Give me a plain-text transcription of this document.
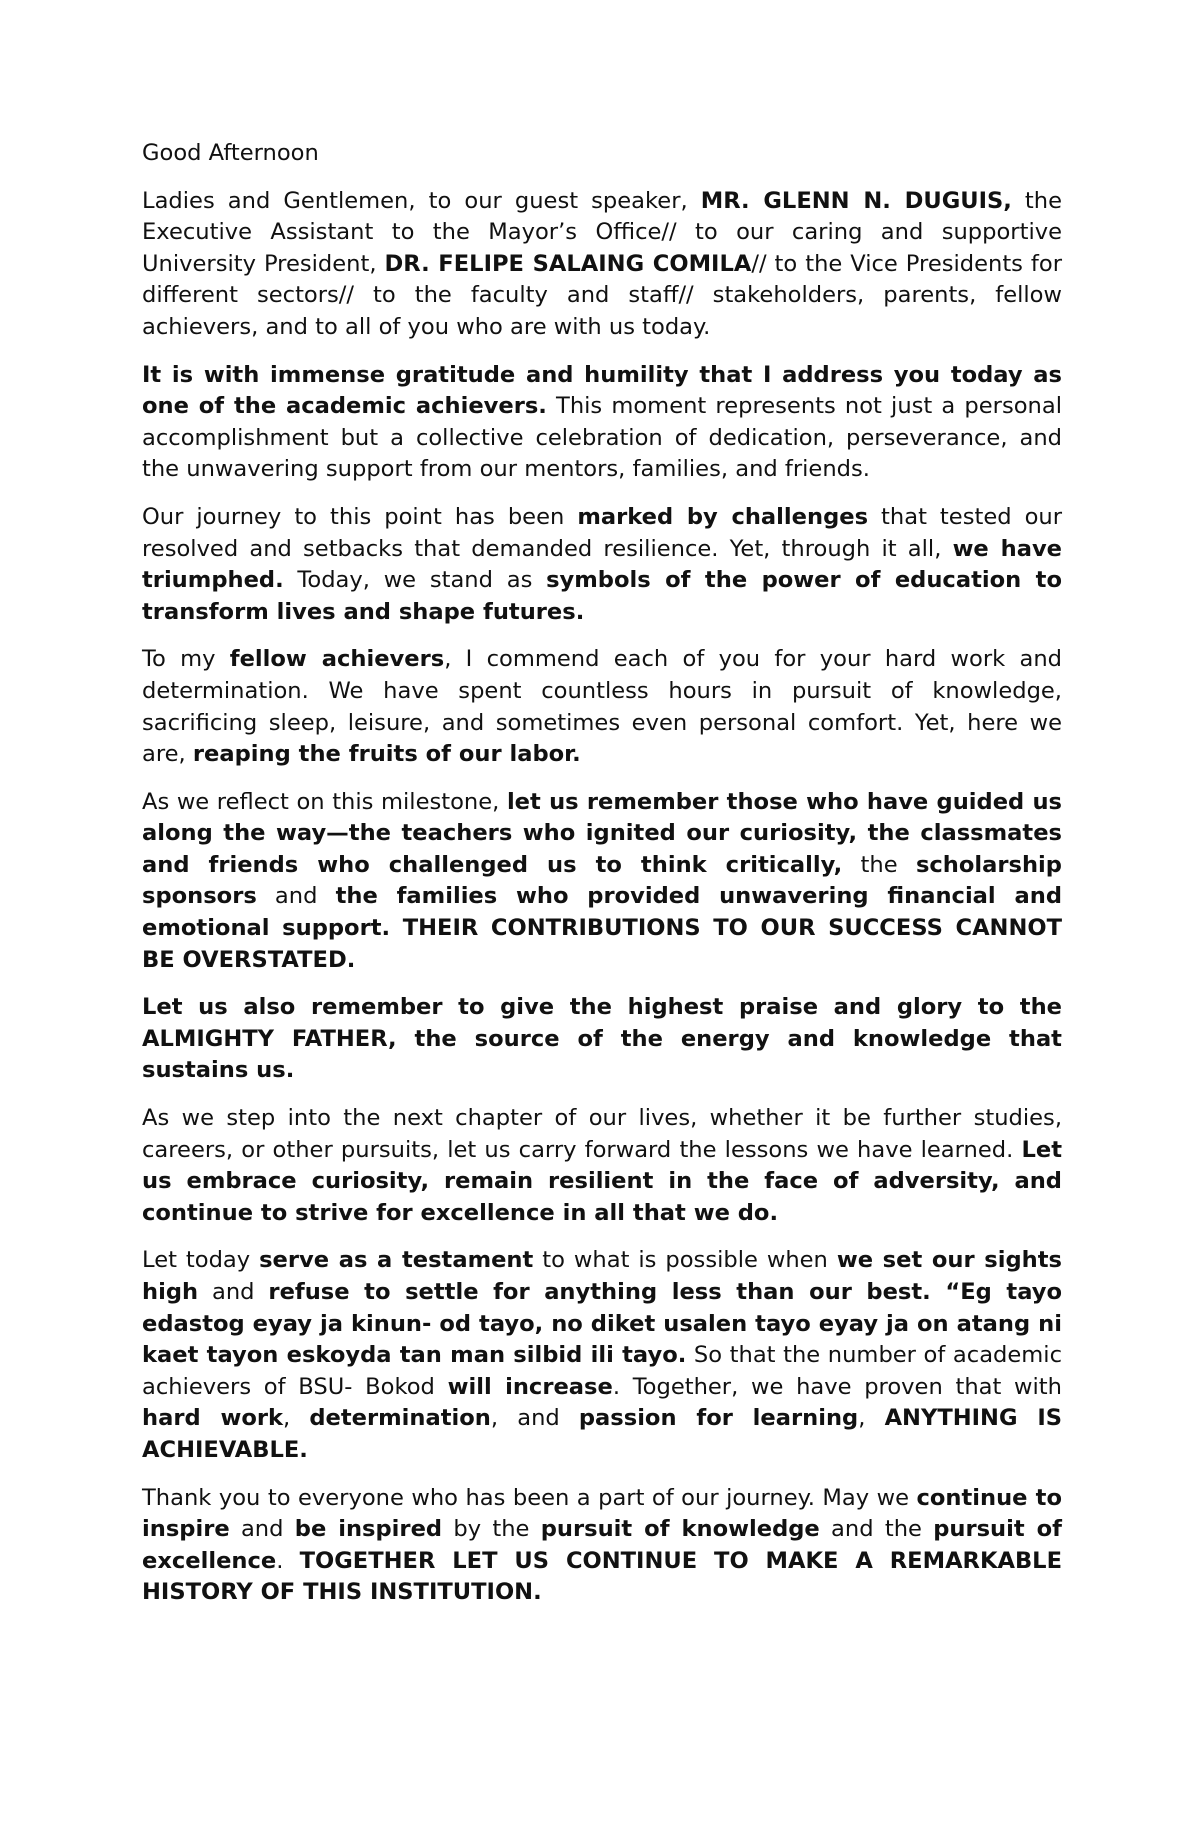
Good Afternoon

Ladies and Gentlemen, to our guest speaker, MR. GLENN N. DUGUIS, the Executive Assistant to the Mayor’s Office// to our caring and supportive University President, DR. FELIPE SALAING COMILA// to the Vice Presidents for different sectors// to the faculty and staff// stakeholders, parents, fellow achievers, and to all of you who are with us today.

It is with immense gratitude and humility that I address you today as one of the academic achievers. This moment represents not just a personal accomplishment but a collective celebration of dedication, perseverance, and the unwavering support from our mentors, families, and friends.

Our journey to this point has been marked by challenges that tested our resolved and setbacks that demanded resilience. Yet, through it all, we have triumphed. Today, we stand as symbols of the power of education to transform lives and shape futures.

To my fellow achievers, I commend each of you for your hard work and determination. We have spent countless hours in pursuit of knowledge, sacrificing sleep, leisure, and sometimes even personal comfort. Yet, here we are, reaping the fruits of our labor.

As we reflect on this milestone, let us remember those who have guided us along the way—the teachers who ignited our curiosity, the classmates and friends who challenged us to think critically, the scholarship sponsors and the families who provided unwavering financial and emotional support. THEIR CONTRIBUTIONS TO OUR SUCCESS CANNOT BE OVERSTATED.

Let us also remember to give the highest praise and glory to the ALMIGHTY FATHER, the source of the energy and knowledge that sustains us.

As we step into the next chapter of our lives, whether it be further studies, careers, or other pursuits, let us carry forward the lessons we have learned. Let us embrace curiosity, remain resilient in the face of adversity, and continue to strive for excellence in all that we do.

Let today serve as a testament to what is possible when we set our sights high and refuse to settle for anything less than our best. “Eg tayo edastog eyay ja kinun- od tayo, no diket usalen tayo eyay ja on atang ni kaet tayon eskoyda tan man silbid ili tayo. So that the number of academic achievers of BSU- Bokod will increase. Together, we have proven that with hard work, determination, and passion for learning, ANYTHING IS ACHIEVABLE.

Thank you to everyone who has been a part of our journey. May we continue to inspire and be inspired by the pursuit of knowledge and the pursuit of excellence. TOGETHER LET US CONTINUE TO MAKE A REMARKABLE HISTORY OF THIS INSTITUTION.
